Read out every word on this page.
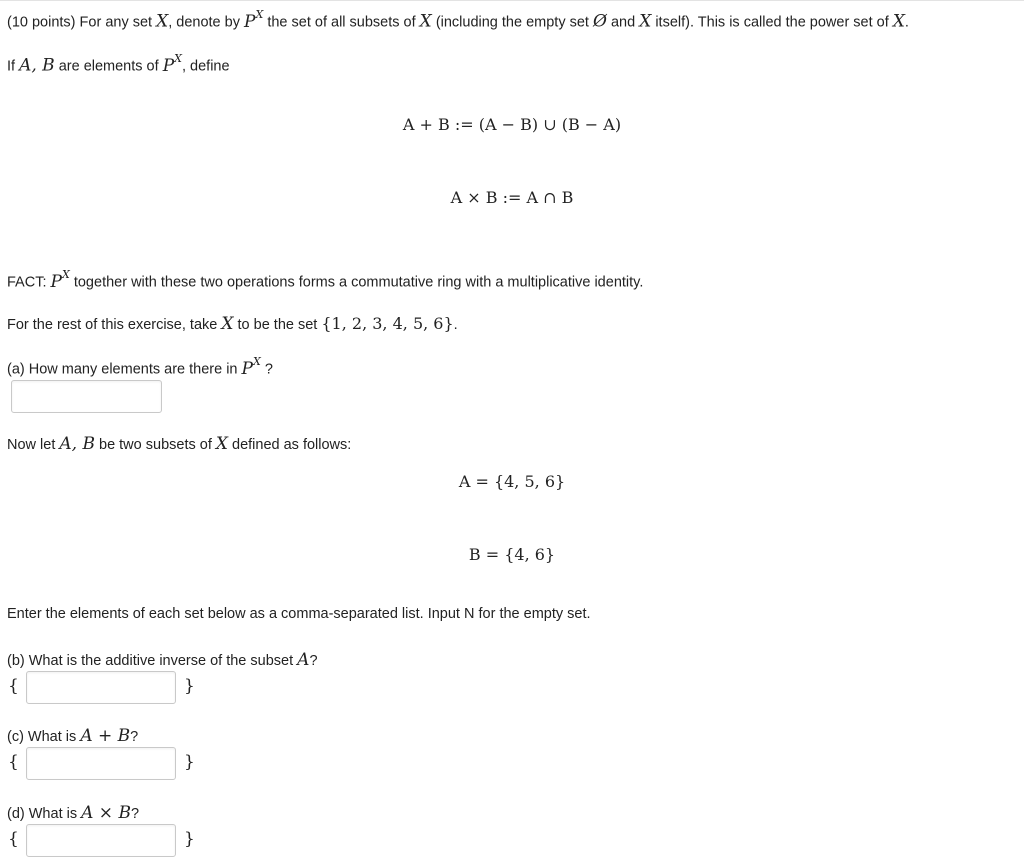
(10 points) For any set X, denote by $P^X$ the set of all subsets of X (including the empty set Ø and X itself). This is called the power set of X.
If A, B are elements of $P^X$, define
A + B := (A − B) ∪ (B − A)
A × B := A ∩ B
FACT: $P^X$ together with these two operations forms a commutative ring with a multiplicative identity.
For the rest of this exercise, take X to be the set {1, 2, 3, 4, 5, 6}.
(a) How many elements are there in $P^X$ ?
Now let A, B be two subsets of X defined as follows:
A = {4, 5, 6}
B = {4, 6}
Enter the elements of each set below as a comma-separated list. Input N for the empty set.
(b) What is the additive inverse of the subset A?
{	}
(c) What is A + B?
{	}
(d) What is A × B?
{	}
